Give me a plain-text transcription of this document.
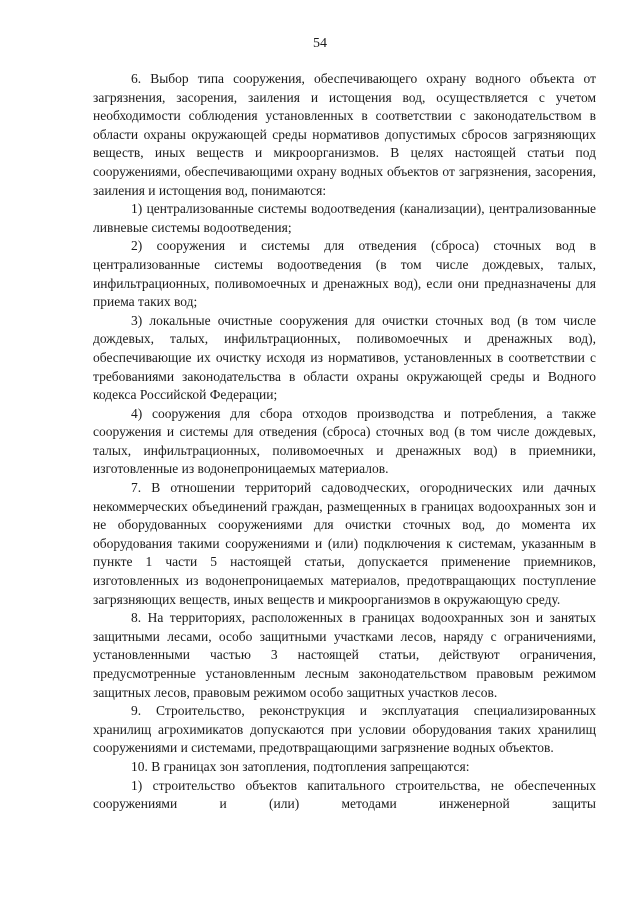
54

6. Выбор типа сооружения, обеспечивающего охрану водного объекта от загрязнения, засорения, заиления и истощения вод, осуществляется с учетом необходимости соблюдения установленных в соответствии с законодательством в области охраны окружающей среды нормативов допустимых сбросов загрязняющих веществ, иных веществ и микроорганизмов. В целях настоящей статьи под сооружениями, обеспечивающими охрану водных объектов от загрязнения, засорения, заиления и истощения вод, понимаются:

1) централизованные системы водоотведения (канализации), централизованные ливневые системы водоотведения;

2) сооружения и системы для отведения (сброса) сточных вод в централизованные системы водоотведения (в том числе дождевых, талых, инфильтрационных, поливомоечных и дренажных вод), если они предназначены для приема таких вод;

3) локальные очистные сооружения для очистки сточных вод (в том числе дождевых, талых, инфильтрационных, поливомоечных и дренажных вод), обеспечивающие их очистку исходя из нормативов, установленных в соответствии с требованиями законодательства в области охраны окружающей среды и Водного кодекса Российской Федерации;

4) сооружения для сбора отходов производства и потребления, а также сооружения и системы для отведения (сброса) сточных вод (в том числе дождевых, талых, инфильтрационных, поливомоечных и дренажных вод) в приемники, изготовленные из водонепроницаемых материалов.

7. В отношении территорий садоводческих, огороднических или дачных некоммерческих объединений граждан, размещенных в границах водоохранных зон и не оборудованных сооружениями для очистки сточных вод, до момента их оборудования такими сооружениями и (или) подключения к системам, указанным в пункте 1 части 5 настоящей статьи, допускается применение приемников, изготовленных из водонепроницаемых материалов, предотвращающих поступление загрязняющих веществ, иных веществ и микроорганизмов в окружающую среду.

8. На территориях, расположенных в границах водоохранных зон и занятых защитными лесами, особо защитными участками лесов, наряду с ограничениями, установленными частью 3 настоящей статьи, действуют ограничения, предусмотренные установленным лесным законодательством правовым режимом защитных лесов, правовым режимом особо защитных участков лесов.

9. Строительство, реконструкция и эксплуатация специализированных хранилищ агрохимикатов допускаются при условии оборудования таких хранилищ сооружениями и системами, предотвращающими загрязнение водных объектов.

10. В границах зон затопления, подтопления запрещаются:

1) строительство объектов капитального строительства, не обеспеченных сооружениями и (или) методами инженерной защиты
